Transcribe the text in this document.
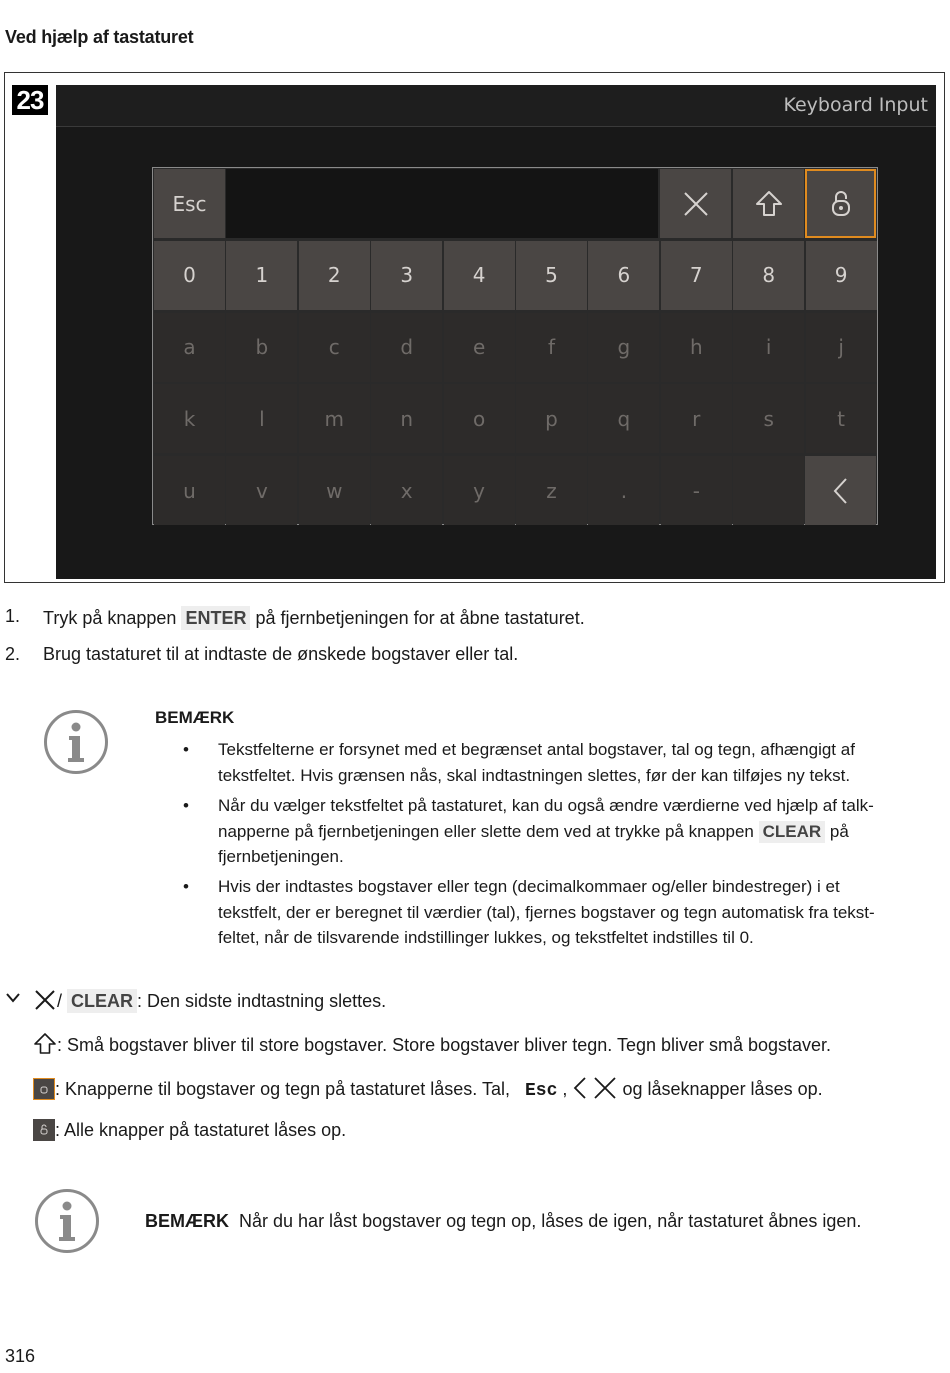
Ved hjælp af tastaturet
23	Keyboard Input
Esc
0	1	2	3	4	5	6	7	8	9
a	b	c	d	e	f	g	h	i	j
k	l	m	n	o	p	q	r	s	t
u	v	w	x	y	z	.	-
1. Tryk på knappen ENTER på fjernbetjeningen for at åbne tastaturet.
2. Brug tastaturet til at indtaste de ønskede bogstaver eller tal.
BEMÆRK
• Tekstfelterne er forsynet med et begrænset antal bogstaver, tal og tegn, afhængigt af
tekstfeltet. Hvis grænsen nås, skal indtastningen slettes, før der kan tilføjes ny tekst.
• Når du vælger tekstfeltet på tastaturet, kan du også ændre værdierne ved hjælp af talk-
napperne på fjernbetjeningen eller slette dem ved at trykke på knappen CLEAR på
fjernbetjeningen.
• Hvis der indtastes bogstaver eller tegn (decimalkommaer og/eller bindestreger) i et
tekstfelt, der er beregnet til værdier (tal), fjernes bogstaver og tegn automatisk fra tekst-
feltet, når de tilsvarende indstillinger lukkes, og tekstfeltet indstilles til 0.
/ CLEAR : Den sidste indtastning slettes.
: Små bogstaver bliver til store bogstaver. Store bogstaver bliver tegn. Tegn bliver små bogstaver.
: Knapperne til bogstaver og tegn på tastaturet låses. Tal, Esc ,	og låseknapper låses op.
: Alle knapper på tastaturet låses op.
BEMÆRK Når du har låst bogstaver og tegn op, låses de igen, når tastaturet åbnes igen.
316
